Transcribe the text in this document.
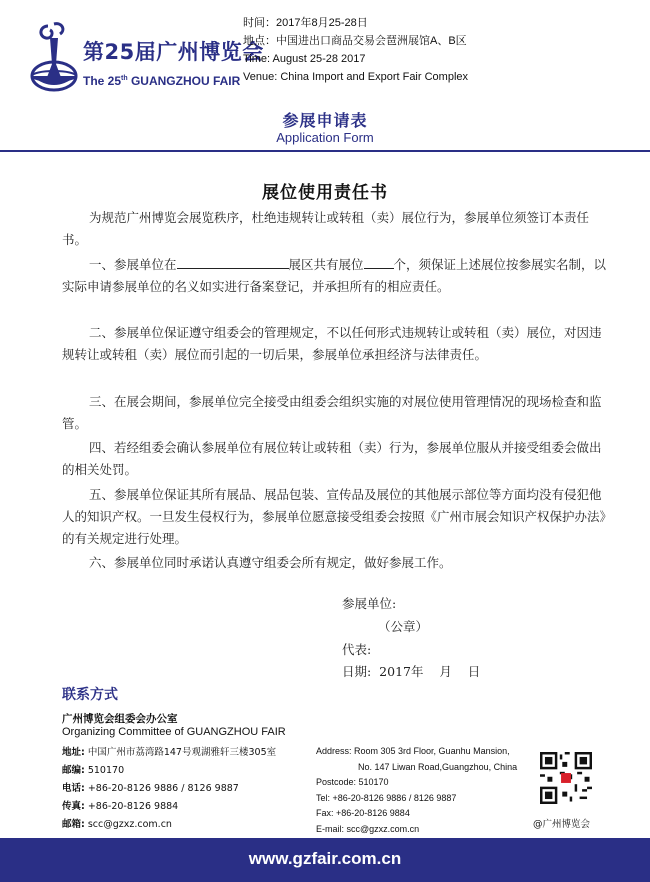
第25届广州博览会
The 25th GUANGZHOU FAIR
时间：2017年8月25-28日
地点：中国进出口商品交易会琶洲展馆A、B区
Time: August 25-28 2017
Venue: China Import and Export Fair Complex
参展申请表
Application Form
展位使用责任书

为规范广州博览会展览秩序，杜绝违规转让或转租（卖）展位行为，参展单位须签订本责任书。

一、参展单位在	展区共有展位 个，须保证上述展位按参展实名制，以实际申请参展单位的名义如实进行备案登记，并承担所有的相应责任。

二、参展单位保证遵守组委会的管理规定，不以任何形式违规转让或转租（卖）展位，对因违规转让或转租（卖）展位而引起的一切后果，参展单位承担经济与法律责任。

三、在展会期间，参展单位完全接受由组委会组织实施的对展位使用管理情况的现场检查和监管。

四、若经组委会确认参展单位有展位转让或转租（卖）行为，参展单位服从并接受组委会做出的相关处罚。

五、参展单位保证其所有展品、展品包装、宣传品及展位的其他展示部位等方面均没有侵犯他人的知识产权。一旦发生侵权行为，参展单位愿意接受组委会按照《广州市展会知识产权保护办法》的有关规定进行处理。

六、参展单位同时承诺认真遵守组委会所有规定，做好参展工作。

参展单位:
（公章）
代表:
日期:  2017年    月    日
联系方式
广州博览会组委会办公室
Organizing Committee of GUANGZHOU FAIR
地址: 中国广州市荔湾路147号观湖雅轩三楼305室
邮编: 510170
电话: +86-20-8126 9886 / 8126 9887
传真: +86-20-8126 9884
邮箱: scc@gzxz.com.cn
Address: Room 305 3rd Floor, Guanhu Mansion,
No. 147 Liwan Road,Guangzhou, China
Postcode: 510170
Tel: +86-20-8126 9886 / 8126 9887
Fax: +86-20-8126 9884
E-mail: scc@gzxz.com.cn	@广州博览会
www.gzfair.com.cn
